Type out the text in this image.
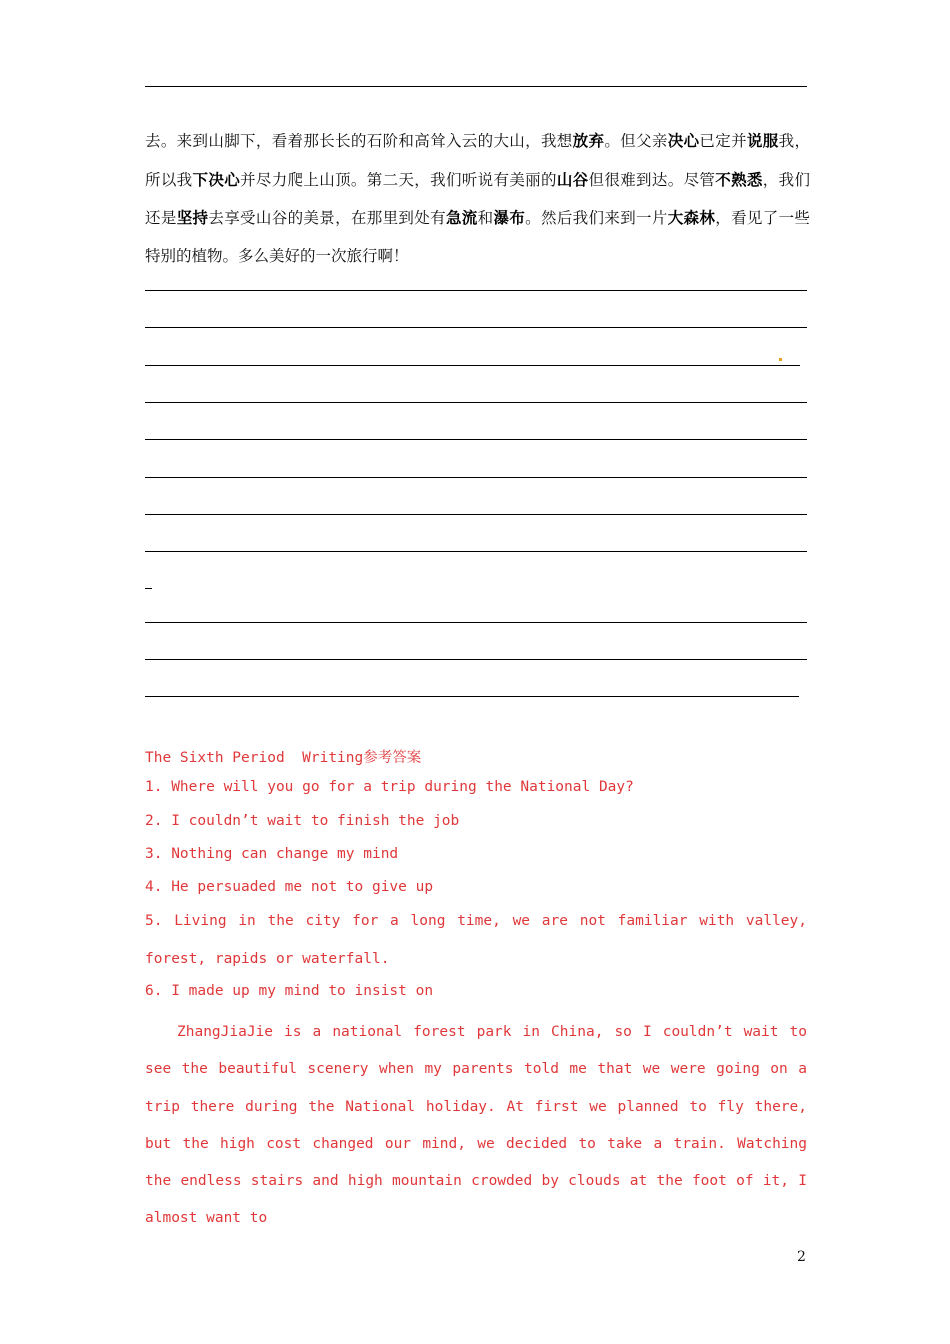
去。来到山脚下，看着那长长的石阶和高耸入云的大山，我想放弃。但父亲决心已定并说服我，所以我下决心并尽力爬上山顶。第二天，我们听说有美丽的山谷但很难到达。尽管不熟悉，我们还是坚持去享受山谷的美景，在那里到处有急流和瀑布。然后我们来到一片大森林，看见了一些特别的植物。多么美好的一次旅行啊！
The Sixth Period  Writing参考答案
1. Where will you go for a trip during the National Day?
2. I couldn’t wait to finish the job
3. Nothing can change my mind
4. He persuaded me not to give up
5. Living in the city for a long time, we are not familiar with valley, forest, rapids or waterfall.
6. I made up my mind to insist on
ZhangJiaJie is a national forest park in China, so I couldn’t wait to see the beautiful scenery when my parents told me that we were going on a trip there during the National holiday. At first we planned to fly there, but the high cost changed our mind, we decided to take a train. Watching the endless stairs and high mountain crowded by clouds at the foot of it, I almost want to
2
